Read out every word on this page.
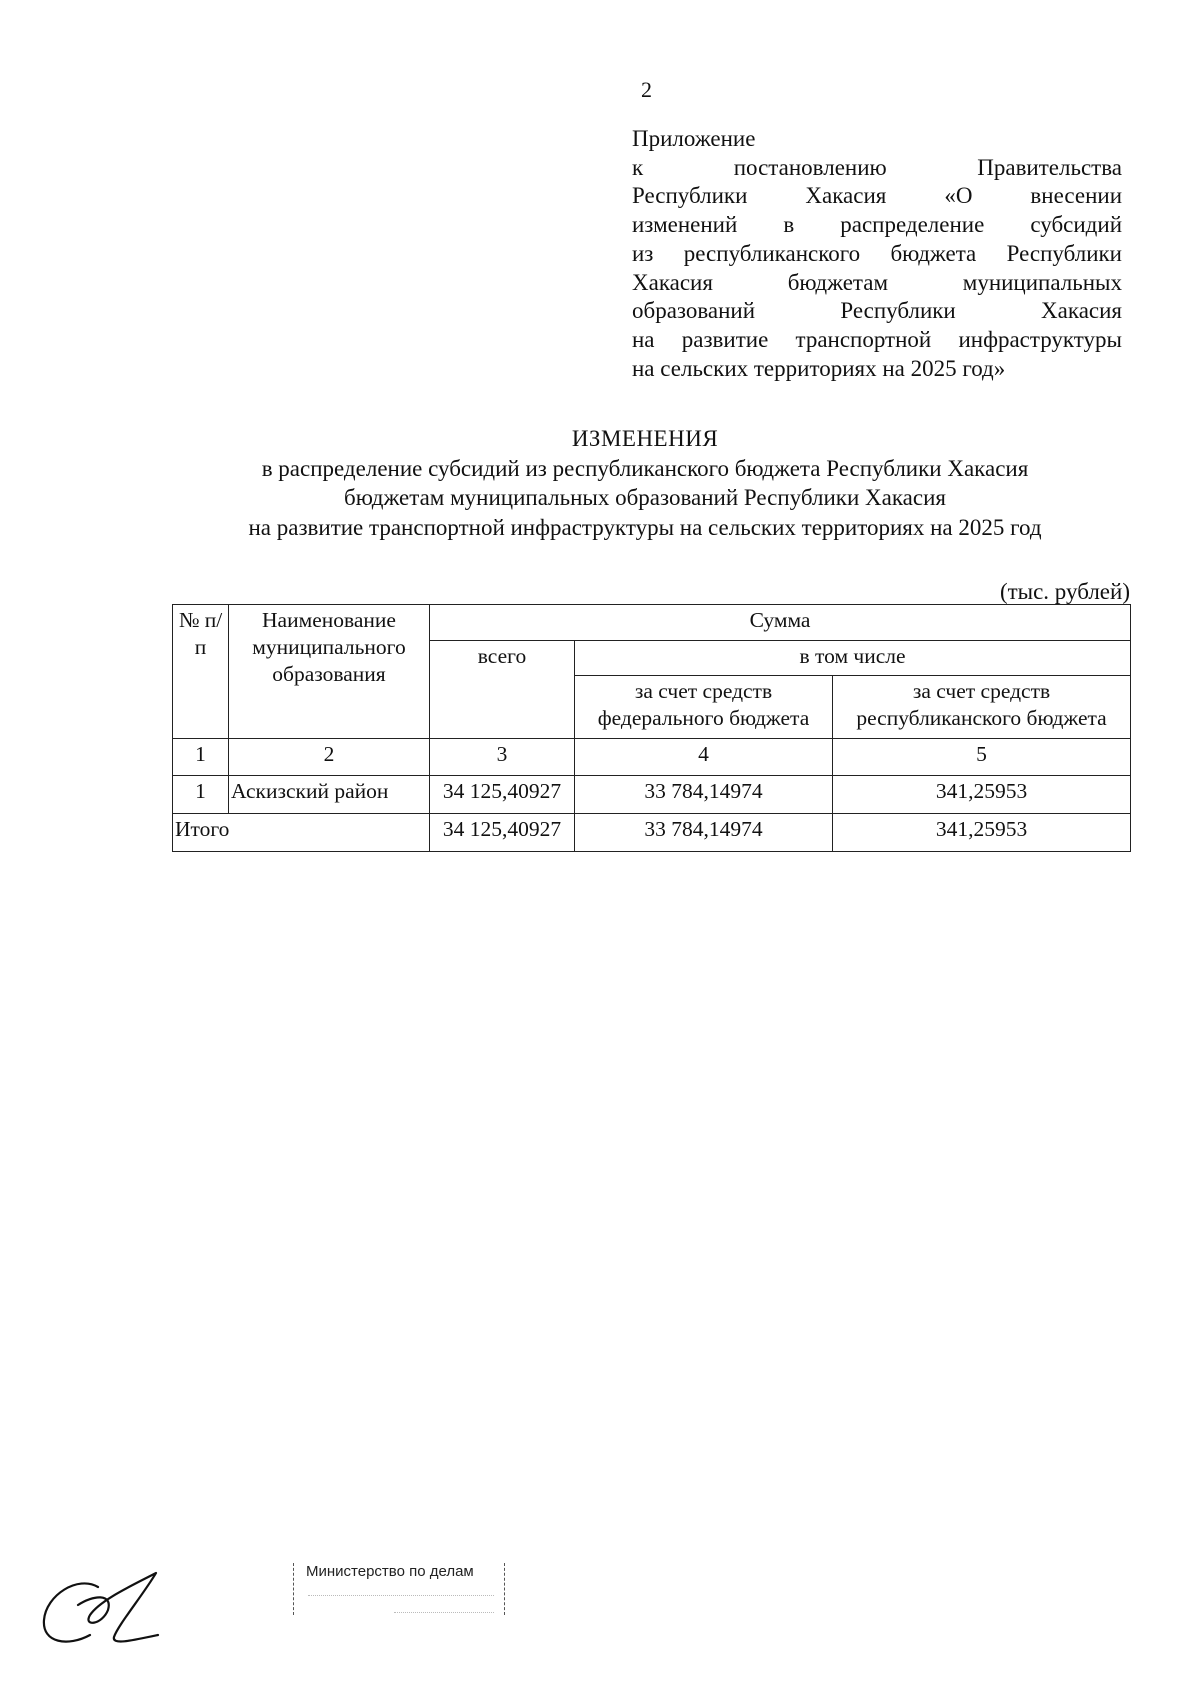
2
Приложение
к постановлению Правительства
Республики Хакасия «О внесении
изменений в распределение субсидий
из республиканского бюджета Республики
Хакасия бюджетам муниципальных
образований Республики Хакасия
на развитие транспортной инфраструктуры
на сельских территориях на 2025 год»
ИЗМЕНЕНИЯ
в распределение субсидий из республиканского бюджета Республики Хакасия
бюджетам муниципальных образований Республики Хакасия
на развитие транспортной инфраструктуры на сельских территориях на 2025 год
(тыс. рублей)
№ п/п	Наименование муниципального образования	Сумма		
		всего	в том числе	
			за счет средств федерального бюджета	за счет средств республиканского бюджета
1	2	3	4	5
1	Аскизский район	34 125,40927	33 784,14974	341,25953
Итого		34 125,40927	33 784,14974	341,25953
Министерство по делам
